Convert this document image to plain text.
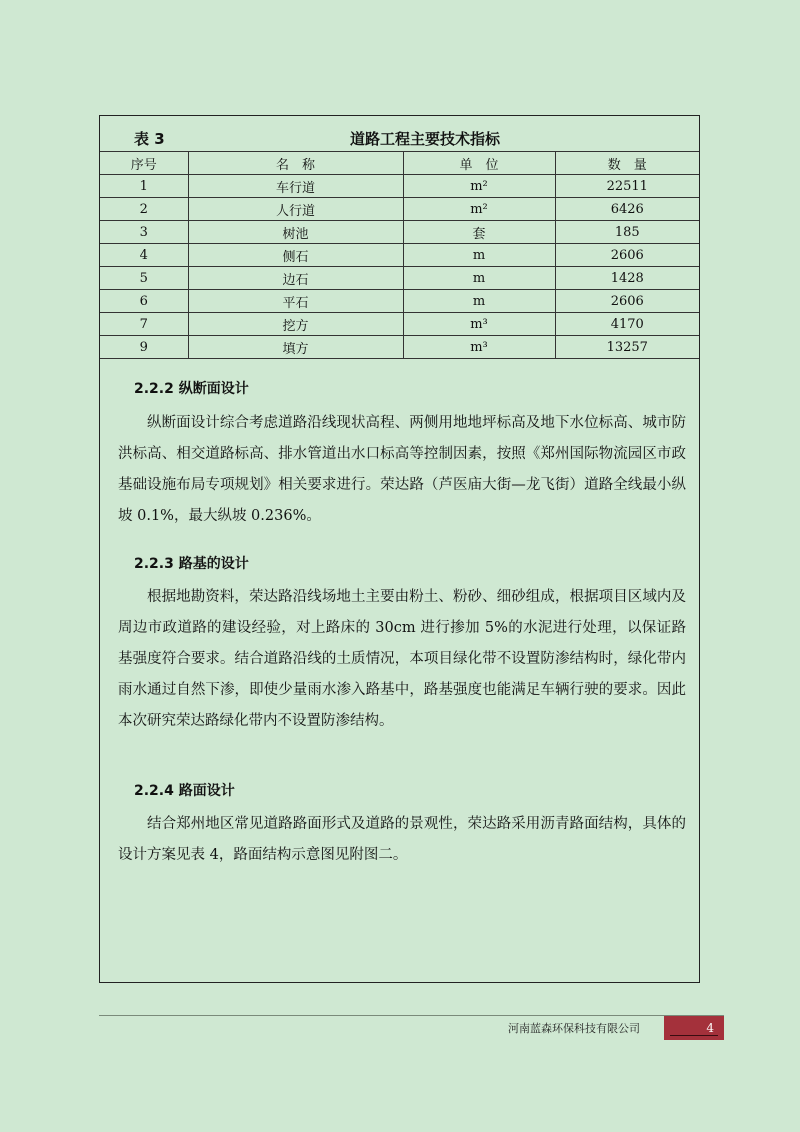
表 3	道路工程主要技术指标
序号	名　称	单　位	数　量
1	车行道	m²	22511
2	人行道	m²	6426
3	树池	套	185
4	侧石	m	2606
5	边石	m	1428
6	平石	m	2606
7	挖方	m³	4170
9	填方	m³	13257
2.2.2 纵断面设计
纵断面设计综合考虑道路沿线现状高程、两侧用地地坪标高及地下水位标高、城市防洪标高、相交道路标高、排水管道出水口标高等控制因素，按照《郑州国际物流园区市政基础设施布局专项规划》相关要求进行。荣达路（芦医庙大街—龙飞街）道路全线最小纵坡 0.1%，最大纵坡 0.236%。
2.2.3 路基的设计
根据地勘资料，荣达路沿线场地土主要由粉土、粉砂、细砂组成，根据项目区域内及周边市政道路的建设经验，对上路床的 30cm 进行掺加 5%的水泥进行处理，以保证路基强度符合要求。结合道路沿线的土质情况，本项目绿化带不设置防渗结构时，绿化带内雨水通过自然下渗，即使少量雨水渗入路基中，路基强度也能满足车辆行驶的要求。因此本次研究荣达路绿化带内不设置防渗结构。
2.2.4 路面设计
结合郑州地区常见道路路面形式及道路的景观性，荣达路采用沥青路面结构，具体的设计方案见表 4，路面结构示意图见附图二。
河南蓝森环保科技有限公司	4
